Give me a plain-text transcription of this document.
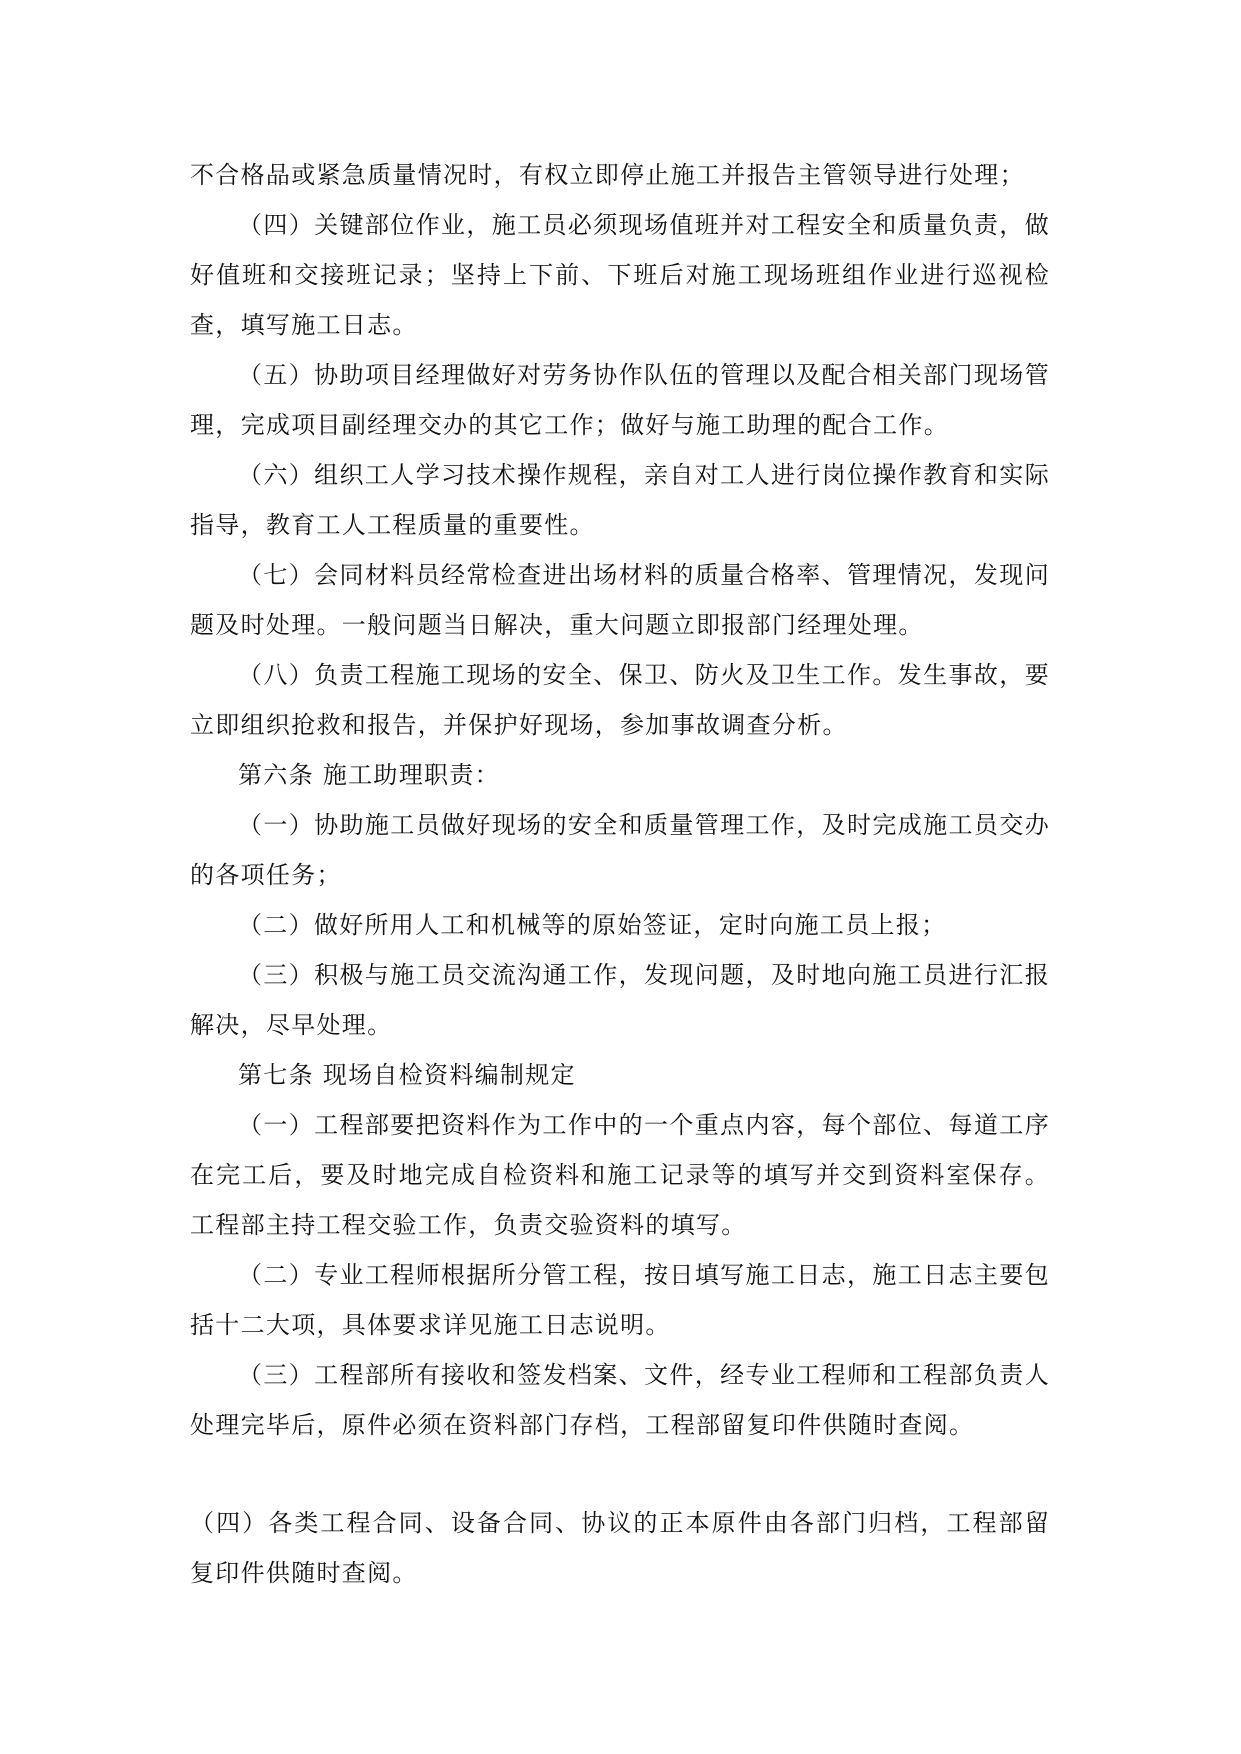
不合格品或紧急质量情况时，有权立即停止施工并报告主管领导进行处理；

（四）关键部位作业，施工员必须现场值班并对工程安全和质量负责，做好值班和交接班记录；坚持上下前、下班后对施工现场班组作业进行巡视检查，填写施工日志。

（五）协助项目经理做好对劳务协作队伍的管理以及配合相关部门现场管理，完成项目副经理交办的其它工作；做好与施工助理的配合工作。

（六）组织工人学习技术操作规程，亲自对工人进行岗位操作教育和实际指导，教育工人工程质量的重要性。

（七）会同材料员经常检查进出场材料的质量合格率、管理情况，发现问题及时处理。一般问题当日解决，重大问题立即报部门经理处理。

（八）负责工程施工现场的安全、保卫、防火及卫生工作。发生事故，要立即组织抢救和报告，并保护好现场，参加事故调查分析。

第六条 施工助理职责：

（一）协助施工员做好现场的安全和质量管理工作，及时完成施工员交办的各项任务；

（二）做好所用人工和机械等的原始签证，定时向施工员上报；

（三）积极与施工员交流沟通工作，发现问题，及时地向施工员进行汇报解决，尽早处理。

第七条 现场自检资料编制规定

（一）工程部要把资料作为工作中的一个重点内容，每个部位、每道工序在完工后，要及时地完成自检资料和施工记录等的填写并交到资料室保存。工程部主持工程交验工作，负责交验资料的填写。

（二）专业工程师根据所分管工程，按日填写施工日志，施工日志主要包括十二大项，具体要求详见施工日志说明。

（三）工程部所有接收和签发档案、文件，经专业工程师和工程部负责人处理完毕后，原件必须在资料部门存档，工程部留复印件供随时查阅。

（四）各类工程合同、设备合同、协议的正本原件由各部门归档，工程部留复印件供随时查阅。
